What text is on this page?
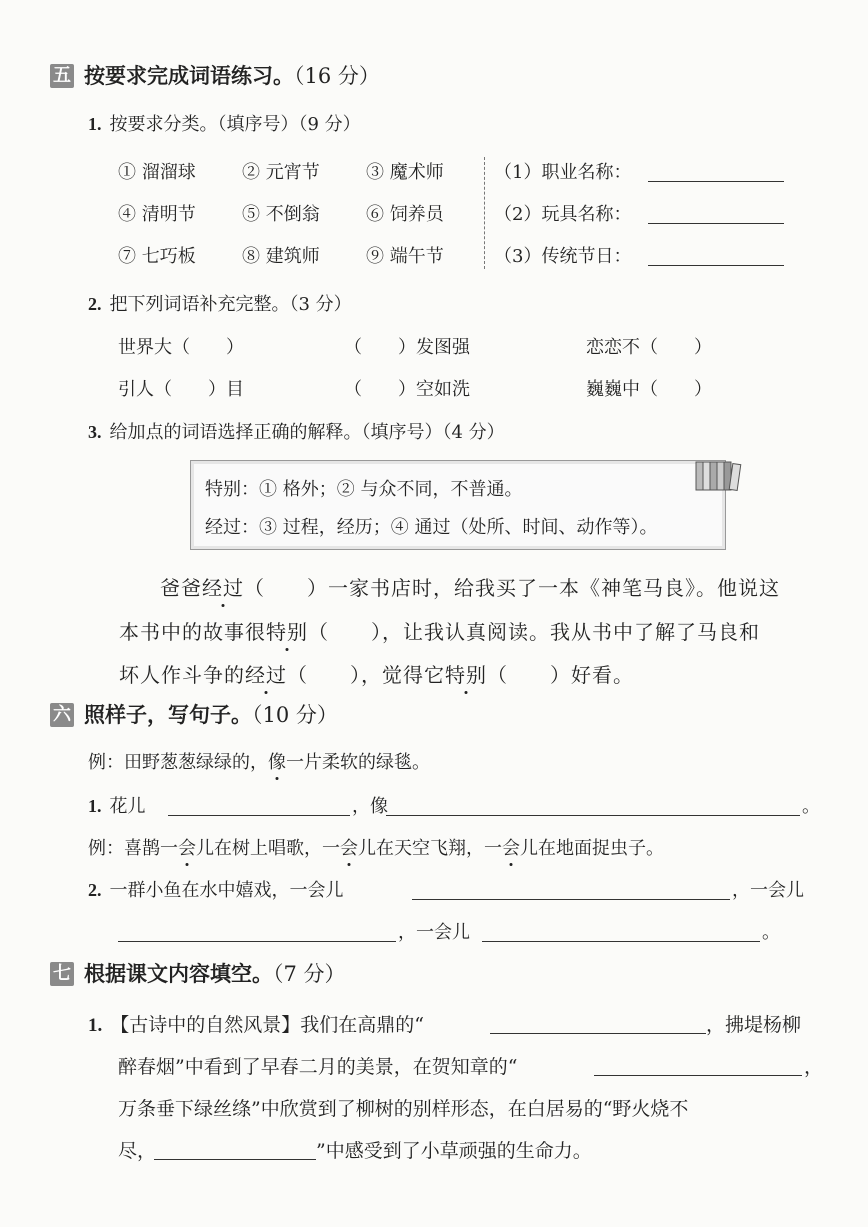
五 按要求完成词语练习。（16 分）
1. 按要求分类。（填序号）（9 分）
① 溜溜球	② 元宵节	③ 魔术师
④ 清明节	⑤ 不倒翁	⑥ 饲养员
⑦ 七巧板	⑧ 建筑师	⑨ 端午节
（1）职业名称：
（2）玩具名称：
（3）传统节日：
2. 把下列词语补充完整。（3 分）
世界大（　　）	（　　）发图强	恋恋不（　　）
引人（　　）目	（　　）空如洗	巍巍中（　　）
3. 给加点的词语选择正确的解释。（填序号）（4 分）
特别：① 格外；② 与众不同，不普通。
经过：③ 过程，经历；④ 通过（处所、时间、动作等）。
爸爸经过（　　）一家书店时，给我买了一本《神笔马良》。他说这
本书中的故事很特别（　　），让我认真阅读。我从书中了解了马良和
坏人作斗争的经过（　　），觉得它特别（　　）好看。
六 照样子，写句子。（10 分）
例：田野葱葱绿绿的，像一片柔软的绿毯。
1. 花儿	，像	。
例：喜鹊一会儿在树上唱歌，一会儿在天空飞翔，一会儿在地面捉虫子。
2. 一群小鱼在水中嬉戏，一会儿	，一会儿
，一会儿	。
七 根据课文内容填空。（7 分）
1. 【古诗中的自然风景】我们在高鼎的“	，拂堤杨柳
醉春烟”中看到了早春二月的美景，在贺知章的“	，
万条垂下绿丝绦”中欣赏到了柳树的别样形态，在白居易的“野火烧不
尽，	”中感受到了小草顽强的生命力。
